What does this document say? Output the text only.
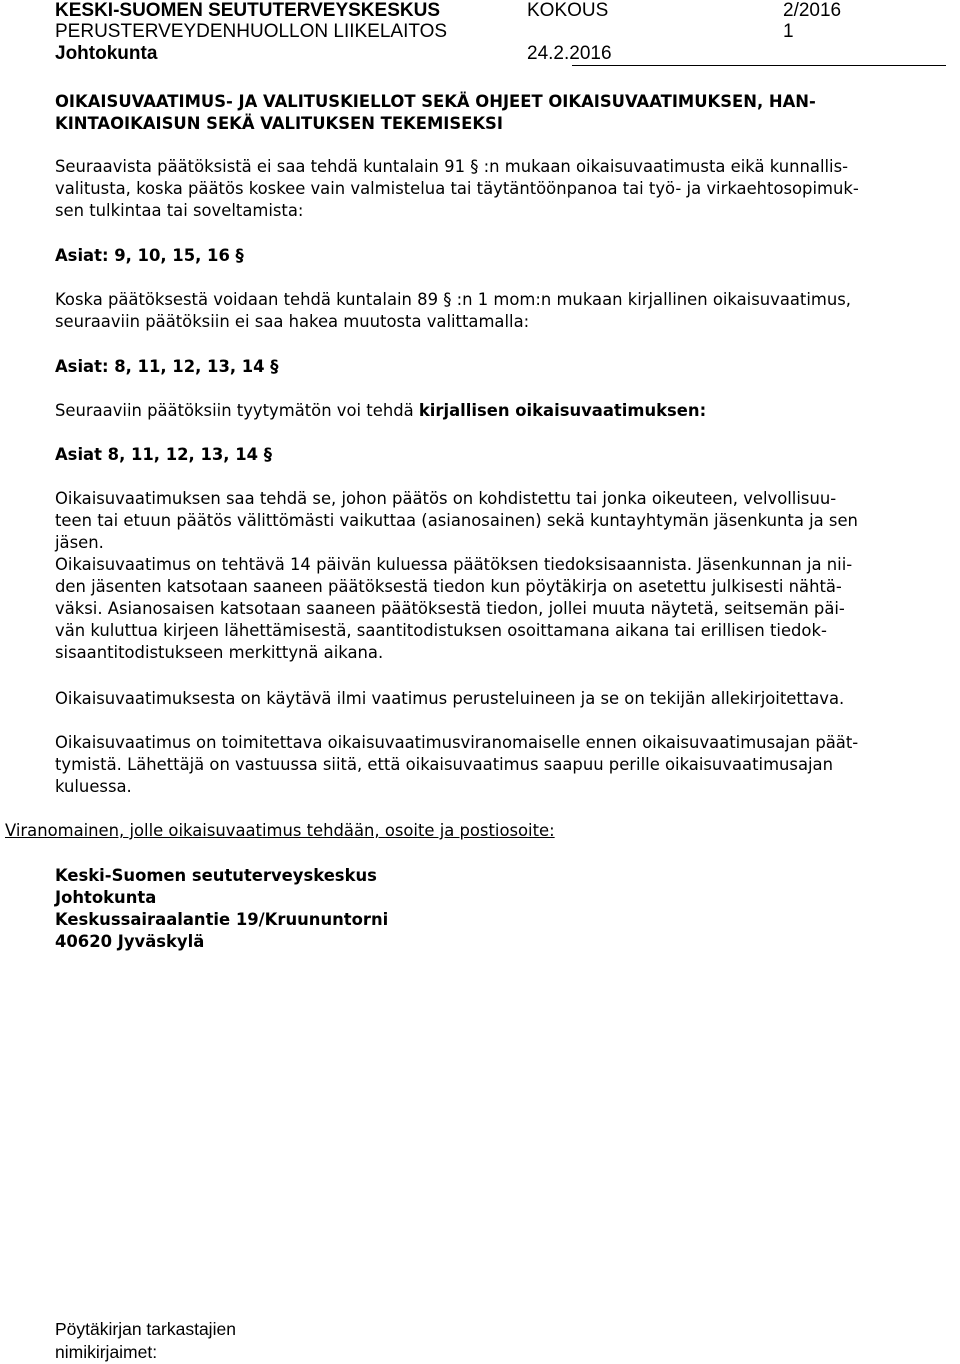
KESKI-SUOMEN SEUTUTERVEYSKESKUS	KOKOUS	2/2016
PERUSTERVEYDENHUOLLON LIIKELAITOS	1
Johtokunta	24.2.2016
OIKAISUVAATIMUS- JA VALITUSKIELLOT SEKÄ OHJEET OIKAISUVAATIMUKSEN, HAN-
KINTAOIKAISUN SEKÄ VALITUKSEN TEKEMISEKSI
Seuraavista päätöksistä ei saa tehdä kuntalain 91 § :n mukaan oikaisuvaatimusta eikä kunnallis-
valitusta, koska päätös koskee vain valmistelua tai täytäntöönpanoa tai työ- ja virkaehtosopimuk-
sen tulkintaa tai soveltamista:
Asiat: 9, 10, 15, 16 §
Koska päätöksestä voidaan tehdä kuntalain 89 § :n 1 mom:n mukaan kirjallinen oikaisuvaatimus,
seuraaviin päätöksiin ei saa hakea muutosta valittamalla:
Asiat: 8, 11, 12, 13, 14 §
Seuraaviin päätöksiin tyytymätön voi tehdä kirjallisen oikaisuvaatimuksen:
Asiat 8, 11, 12, 13, 14 §
Oikaisuvaatimuksen saa tehdä se, johon päätös on kohdistettu tai jonka oikeuteen, velvollisuu-
teen tai etuun päätös välittömästi vaikuttaa (asianosainen) sekä kuntayhtymän jäsenkunta ja sen
jäsen.
Oikaisuvaatimus on tehtävä 14 päivän kuluessa päätöksen tiedoksisaannista. Jäsenkunnan ja nii-
den jäsenten katsotaan saaneen päätöksestä tiedon kun pöytäkirja on asetettu julkisesti nähtä-
väksi. Asianosaisen katsotaan saaneen päätöksestä tiedon, jollei muuta näytetä, seitsemän päi-
vän kuluttua kirjeen lähettämisestä, saantitodistuksen osoittamana aikana tai erillisen tiedok-
sisaantitodistukseen merkittynä aikana.
Oikaisuvaatimuksesta on käytävä ilmi vaatimus perusteluineen ja se on tekijän allekirjoitettava.
Oikaisuvaatimus on toimitettava oikaisuvaatimusviranomaiselle ennen oikaisuvaatimusajan päät-
tymistä. Lähettäjä on vastuussa siitä, että oikaisuvaatimus saapuu perille oikaisuvaatimusajan
kuluessa.
Viranomainen, jolle oikaisuvaatimus tehdään, osoite ja postiosoite:
Keski-Suomen seututerveyskeskus
Johtokunta
Keskussairaalantie 19/Kruununtorni
40620 Jyväskylä
Pöytäkirjan tarkastajien
nimikirjaimet:
